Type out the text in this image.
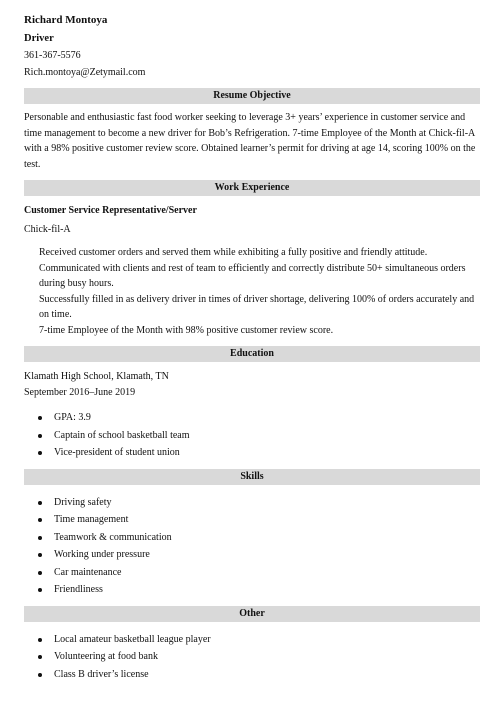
Richard Montoya

Driver

361-367-5576

Rich.montoya@Zetymail.com

Resume Objective

Personable and enthusiastic fast food worker seeking to leverage 3+ years’ experience in customer service and time management to become a new driver for Bob’s Refrigeration. 7-time Employee of the Month at Chick-fil-A with a 98% positive customer review score. Obtained learner’s permit for driving at age 14, scoring 100% on the test.

Work Experience

Customer Service Representative/Server

Chick-fil-A

Received customer orders and served them while exhibiting a fully positive and friendly attitude.

Communicated with clients and rest of team to efficiently and correctly distribute 50+ simultaneous orders during busy hours.

Successfully filled in as delivery driver in times of driver shortage, delivering 100% of orders accurately and on time.

7-time Employee of the Month with 98% positive customer review score.

Education

Klamath High School, Klamath, TN

September 2016–June 2019

GPA: 3.9
Captain of school basketball team
Vice-president of student union
Skills
Driving safety
Time management
Teamwork & communication
Working under pressure
Car maintenance
Friendliness
Other
Local amateur basketball league player
Volunteering at food bank
Class B driver’s license
